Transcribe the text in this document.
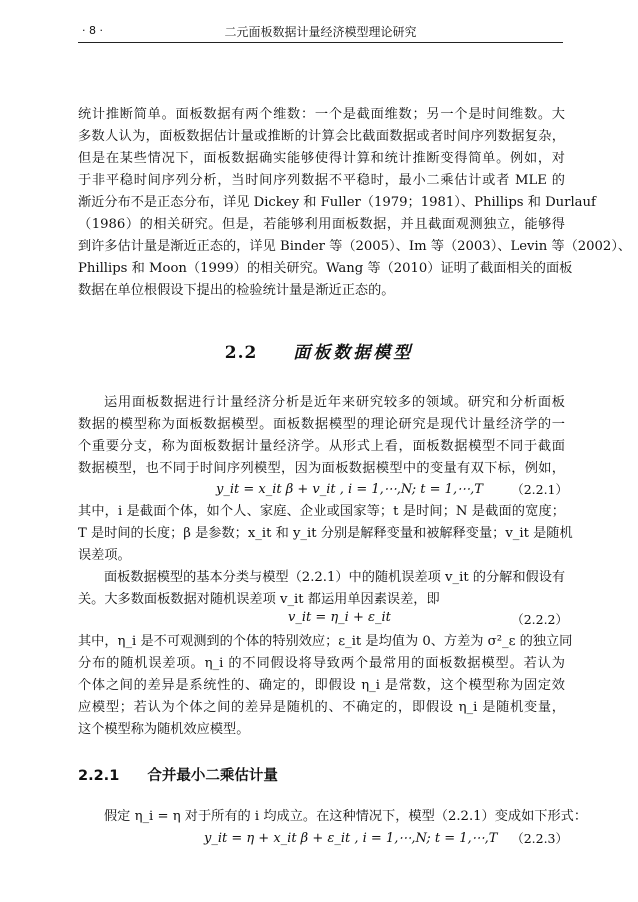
· 8 ·	二元面板数据计量经济模型理论研究
统计推断简单。面板数据有两个维数：一个是截面维数；另一个是时间维数。大
多数人认为，面板数据估计量或推断的计算会比截面数据或者时间序列数据复杂，
但是在某些情况下，面板数据确实能够使得计算和统计推断变得简单。例如，对
于非平稳时间序列分析，当时间序列数据不平稳时，最小二乘估计或者 MLE 的
渐近分布不是正态分布，详见 Dickey 和 Fuller（1979；1981）、Phillips 和 Durlauf
（1986）的相关研究。但是，若能够利用面板数据，并且截面观测独立，能够得
到许多估计量是渐近正态的，详见 Binder 等（2005）、Im 等（2003）、Levin 等（2002）、
Phillips 和 Moon（1999）的相关研究。Wang 等（2010）证明了截面相关的面板
数据在单位根假设下提出的检验统计量是渐近正态的。
2.2 面板数据模型
运用面板数据进行计量经济分析是近年来研究较多的领域。研究和分析面板
数据的模型称为面板数据模型。面板数据模型的理论研究是现代计量经济学的一
个重要分支，称为面板数据计量经济学。从形式上看，面板数据模型不同于截面
数据模型，也不同于时间序列模型，因为面板数据模型中的变量有双下标，例如，
y_it = x_it β + v_it , i = 1,⋯,N; t = 1,⋯,T （2.2.1）
其中，i 是截面个体，如个人、家庭、企业或国家等；t 是时间；N 是截面的宽度；
T 是时间的长度；β 是参数；x_it 和 y_it 分别是解释变量和被解释变量；v_it 是随机
误差项。
面板数据模型的基本分类与模型（2.2.1）中的随机误差项 v_it 的分解和假设有
关。大多数面板数据对随机误差项 v_it 都运用单因素误差，即
v_it = η_i + ε_it	（2.2.2）
其中，η_i 是不可观测到的个体的特别效应；ε_it 是均值为 0、方差为 σ²_ε 的独立同
分布的随机误差项。η_i 的不同假设将导致两个最常用的面板数据模型。若认为
个体之间的差异是系统性的、确定的，即假设 η_i 是常数，这个模型称为固定效
应模型；若认为个体之间的差异是随机的、不确定的，即假设 η_i 是随机变量，
这个模型称为随机效应模型。
2.2.1 合并最小二乘估计量
假定 η_i = η 对于所有的 i 均成立。在这种情况下，模型（2.2.1）变成如下形式：
y_it = η + x_it β + ε_it , i = 1,⋯,N; t = 1,⋯,T （2.2.3）
